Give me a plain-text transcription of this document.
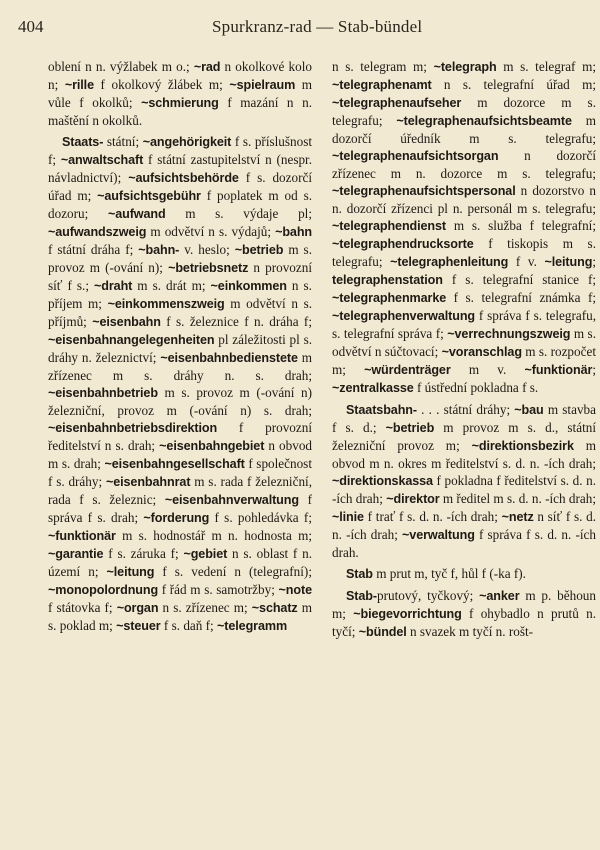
404	Spurkranz-rad — Stab-bündel

oblení n n. výžlabek m o.; ~rad n okolkové kolo n; ~rille f okolkový žlábek m; ~spielraum m vůle f okolků; ~schmierung f mazání n n. maštění n okolků.

Staats- státní; ~angehörigkeit f s. příslušnost f; ~anwaltschaft f státní zastupitelství n (nespr. návladnictví); ~aufsichtsbehörde f s. dozorčí úřad m; ~aufsichtsgebühr f poplatek m od s. dozoru; ~aufwand m s. výdaje pl; ~aufwandszweig m odvětví n s. výdajů; ~bahn f státní dráha f; ~bahn- v. heslo; ~betrieb m s. provoz m (-ování n); ~betriebsnetz n provozní síť f s.; ~draht m s. drát m; ~einkommen n s. příjem m; ~einkommenszweig m odvětví n s. příjmů; ~eisenbahn f s. železnice f n. dráha f; ~eisenbahnangelegenheiten pl záležitosti pl s. dráhy n. železnictví; ~eisenbahnbedienstete m zřízenec m s. dráhy n. s. drah; ~eisenbahnbetrieb m s. provoz m (-ování n) železniční, provoz m (-ování n) s. drah; ~eisenbahnbetriebsdirektion f provozní ředitelství n s. drah; ~eisenbahngebiet n obvod m s. drah; ~eisenbahngesellschaft f společnost f s. dráhy; ~eisenbahnrat m s. rada f železniční, rada f s. železnic; ~eisenbahnverwaltung f správa f s. drah; ~forderung f s. pohledávka f; ~funktionär m s. hodnostář m n. hodnosta m; ~garantie f s. záruka f; ~gebiet n s. oblast f n. území n; ~leitung f s. vedení n (telegrafní); ~monopolordnung f řád m s. samotržby; ~note f státovka f; ~organ n s. zřízenec m; ~schatz m s. poklad m; ~steuer f s. daň f; ~telegramm

n s. telegram m; ~telegraph m s. telegraf m; ~telegraphenamt n s. telegrafní úřad m; ~telegraphenaufseher m dozorce m s. telegrafu; ~telegraphenaufsichtsbeamte m dozorčí úředník m s. telegrafu; ~telegraphenaufsichtsorgan n dozorčí zřízenec m n. dozorce m s. telegrafu; ~telegraphenaufsichtspersonal n dozorstvo n n. dozorčí zřízenci pl n. personál m s. telegrafu; ~telegraphendienst m s. služba f telegrafní; ~telegraphendrucksorte f tiskopis m s. telegrafu; ~telegraphenleitung f v. ~leitung; telegraphenstation f s. telegrafní stanice f; ~telegraphenmarke f s. telegrafní známka f; ~telegraphenverwaltung f správa f s. telegrafu, s. telegrafní správa f; ~verrechnungszweig m s. odvětví n súčtovací; ~voranschlag m s. rozpočet m; ~würdenträger m v. ~funktionär; ~zentralkasse f ústřední pokladna f s.

Staatsbahn- . . . státní dráhy; ~bau m stavba f s. d.; ~betrieb m provoz m s. d., státní železniční provoz m; ~direktionsbezirk m obvod m n. okres m ředitelství s. d. n. -ích drah; ~direktionskassa f pokladna f ředitelství s. d. n. -ích drah; ~direktor m ředitel m s. d. n. -ích drah; ~linie f trať f s. d. n. -ích drah; ~netz n síť f s. d. n. -ích drah; ~verwaltung f správa f s. d. n. -ích drah.

Stab m prut m, tyč f, hůl f (-ka f).

Stab-prutový, tyčkový; ~anker m p. běhoun m; ~biegevorrichtung f ohybadlo n prutů n. tyčí; ~bündel n svazek m tyčí n. rošt-
